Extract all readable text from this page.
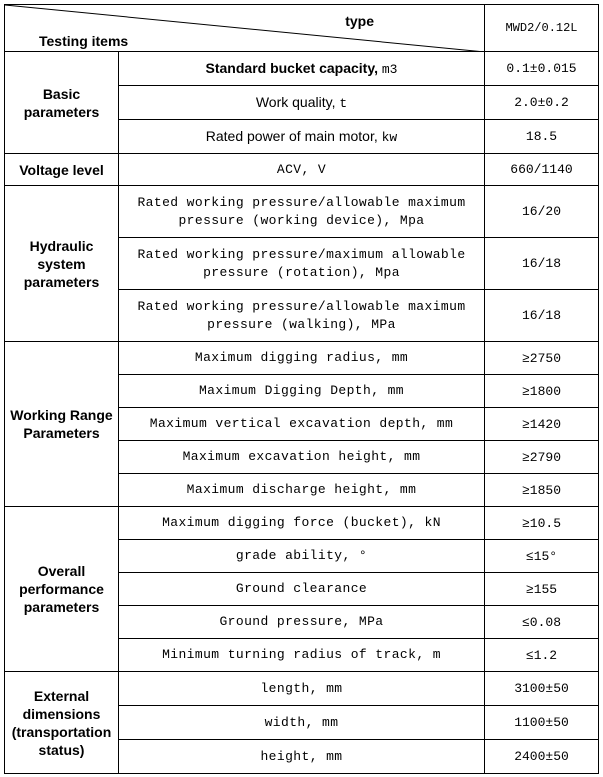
type
Testing items		MWD2/0.12L
Basic parameters	Standard bucket capacity, m3	0.1±0.015
	Work quality, t	2.0±0.2
	Rated power of main motor, kw	18.5
Voltage level	ACV, V	660/1140
Hydraulic system parameters	Rated working pressure/allowable maximum pressure (working device), Mpa	16/20
	Rated working pressure/maximum allowable pressure (rotation), Mpa	16/18
	Rated working pressure/allowable maximum pressure (walking), MPa	16/18
Working Range Parameters	Maximum digging radius, mm	≥2750
	Maximum Digging Depth, mm	≥1800
	Maximum vertical excavation depth, mm	≥1420
	Maximum excavation height, mm	≥2790
	Maximum discharge height, mm	≥1850
Overall performance parameters	Maximum digging force (bucket), kN	≥10.5
	grade ability, °	≤15°
	Ground clearance	≥155
	Ground pressure, MPa	≤0.08
	Minimum turning radius of track, m	≤1.2
External dimensions (transportation status)	length, mm	3100±50
	width, mm	1100±50
	height, mm	2400±50
